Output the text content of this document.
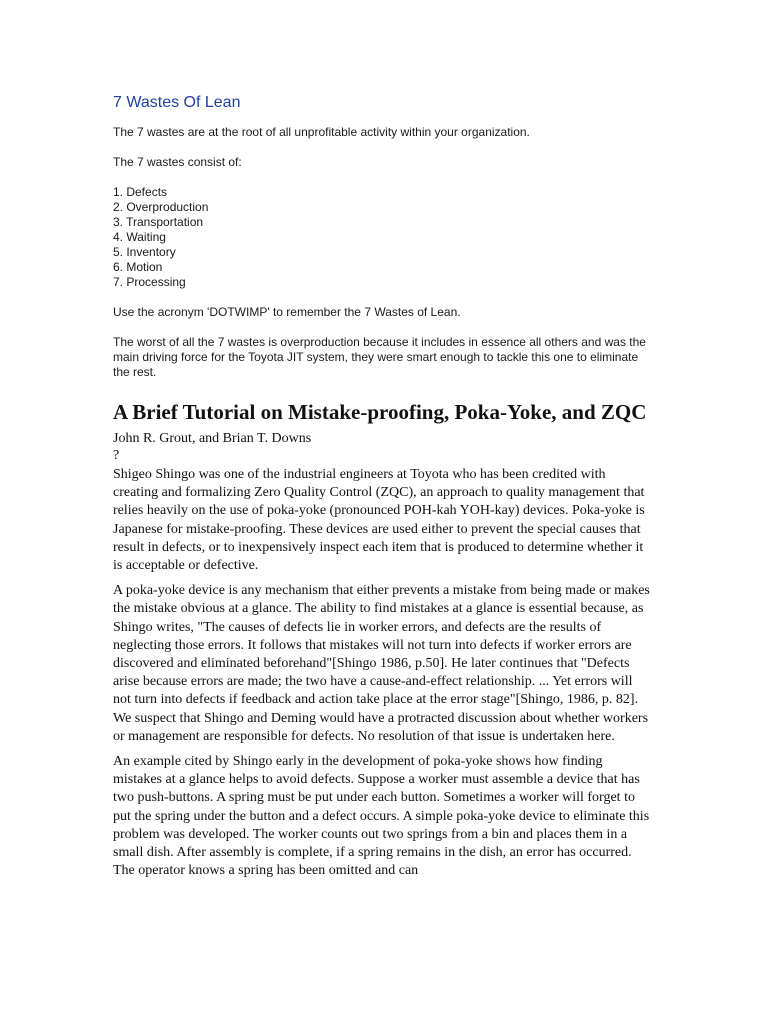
7 Wastes Of Lean

The 7 wastes are at the root of all unprofitable activity within your organization.

The 7 wastes consist of:

1. Defects
2. Overproduction
3. Transportation
4. Waiting
5. Inventory
6. Motion
7. Processing

Use the acronym 'DOTWIMP' to remember the 7 Wastes of Lean.

The worst of all the 7 wastes is overproduction because it includes in essence all others and was the main driving force for the Toyota JIT system, they were smart enough to tackle this one to eliminate the rest.

A Brief Tutorial on Mistake-proofing, Poka-Yoke, and ZQC
John R. Grout, and Brian T. Downs
?

Shigeo Shingo was one of the industrial engineers at Toyota who has been credited with creating and formalizing Zero Quality Control (ZQC), an approach to quality management that relies heavily on the use of poka-yoke (pronounced POH-kah YOH-kay) devices. Poka-yoke is Japanese for mistake-proofing. These devices are used either to prevent the special causes that result in defects, or to inexpensively inspect each item that is produced to determine whether it is acceptable or defective.

A poka-yoke device is any mechanism that either prevents a mistake from being made or makes the mistake obvious at a glance. The ability to find mistakes at a glance is essential because, as Shingo writes, "The causes of defects lie in worker errors, and defects are the results of neglecting those errors. It follows that mistakes will not turn into defects if worker errors are discovered and eliminated beforehand"[Shingo 1986, p.50]. He later continues that "Defects arise because errors are made; the two have a cause-and-effect relationship. ... Yet errors will not turn into defects if feedback and action take place at the error stage"[Shingo, 1986, p. 82]. We suspect that Shingo and Deming would have a protracted discussion about whether workers or management are responsible for defects. No resolution of that issue is undertaken here.

An example cited by Shingo early in the development of poka-yoke shows how finding mistakes at a glance helps to avoid defects. Suppose a worker must assemble a device that has two push-buttons. A spring must be put under each button. Sometimes a worker will forget to put the spring under the button and a defect occurs. A simple poka-yoke device to eliminate this problem was developed. The worker counts out two springs from a bin and places them in a small dish. After assembly is complete, if a spring remains in the dish, an error has occurred. The operator knows a spring has been omitted and can
